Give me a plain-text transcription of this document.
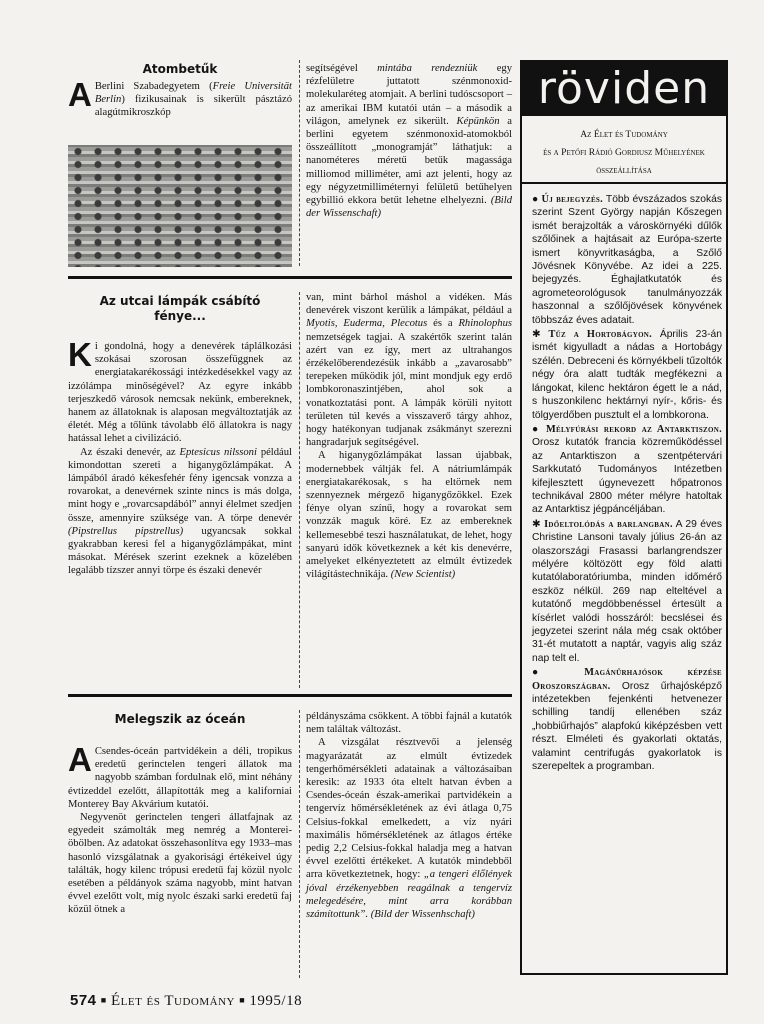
Atombetűk

A Berlini Szabadegyetem (Freie Universität Berlin) fizikusainak is sikerült pásztázó alagútmikroszkóp

segítségével mintába rendezniük egy rézfelületre juttatott szénmonoxid-molekularéteg atomjait. A berlini tudóscsoport – az amerikai IBM kutatói után – a második a világon, amelynek ez sikerült. Képünkön a berlini egyetem szénmonoxid-atomokból összeállított „monogramját” láthatjuk: a nanométeres méretű betűk magassága milliomod milliméter, ami azt jelenti, hogy az egy négyzetmilliméternyi felületű betűhelyen egybillió ekkora betűt lehetne elhelyezni. (Bild der Wissenschaft)

Az utcai lámpák csábító fénye...

Ki gondolná, hogy a denevérek táplálkozási szokásai szorosan összefüggnek az energiatakarékossági intézkedésekkel vagy az izzólámpa minőségével? Az egyre inkább terjeszkedő városok nemcsak nekünk, embereknek, hanem az állatoknak is alaposan megváltoztatják az életét. Még a tőlünk távolabb élő állatokra is nagy hatással lehet a civilizáció.

Az északi denevér, az Eptesicus nilssoni például kimondottan szereti a higanygőzlámpákat. A lámpából áradó kékesfehér fény igencsak vonzza a rovarokat, a denevérnek szinte nincs is más dolga, mint hogy e „rovarcsapdából” annyi élelmet szedjen össze, amennyire szüksége van. A törpe denevér (Pipstrellus pipstrellus) ugyancsak sokkal gyakrabban keresi fel a higanygőzlámpákat, mint másokat. Mérések szerint ezeknek a közelében legalább tízszer annyi törpe és északi denevér

van, mint bárhol máshol a vidéken. Más denevérek viszont kerülik a lámpákat, például a Myotis, Euderma, Plecotus és a Rhinolophus nemzetségek tagjai. A szakértők szerint talán azért van ez így, mert az ultrahangos érzékelőberendezésük inkább a „zavarosabb” terepeken működik jól, mint mondjuk egy erdő lombkoronaszintjében, ahol sok a vonatkoztatási pont. A lámpák körüli nyitott területen túl kevés a visszaverő tárgy ahhoz, hogy hatékonyan tudjanak zsákmányt szerezni hangradarjuk segítségével.

A higanygőzlámpákat lassan újabbak, modernebbek váltják fel. A nátriumlámpák energiatakarékosak, s ha eltörnek nem szennyeznek mérgező higanygőzökkel. Ezek fénye olyan színű, hogy a rovarokat sem vonzzák maguk köré. Ez az embereknek kellemesebbé teszi használatukat, de lehet, hogy sanyarú idők következnek a két kis denevérre, amelyeket elkényeztetett az elmúlt évtizedek világítástechnikája. (New Scientist)

Melegszik az óceán

A Csendes-óceán partvidékein a déli, tropikus eredetű gerinctelen tengeri állatok ma nagyobb számban fordulnak elő, mint néhány évtizeddel ezelőtt, állapították meg a kaliforniai Monterey Bay Akvárium kutatói.

Negyvenöt gerinctelen tengeri állatfajnak az egyedeit számolták meg nemrég a Monterei-öbölben. Az adatokat összehasonlítva egy 1933–mas hasonló vizsgálatnak a gyakorisági értékeivel úgy találták, hogy kilenc trópusi eredetű faj közül nyolc esetében a példányok száma nagyobb, mint hatvan évvel ezelőtt volt, míg nyolc északi sarki eredetű faj közül ötnek a

példányszáma csökkent. A többi fajnál a kutatók nem találtak változást.

A vizsgálat résztvevői a jelenség magyarázatát az elmúlt évtizedek tengerhőmérsékleti adatainak a változásaiban keresik: az 1933 óta eltelt hatvan évben a Csendes-óceán észak-amerikai partvidékein a tengervíz hőmérsékletének az évi átlaga 0,75 Celsius-fokkal emelkedett, a víz nyári maximális hőmérsékletének az átlagos értéke pedig 2,2 Celsius-fokkal haladja meg a hatvan évvel ezelőtti értékeket. A kutatók mindebből arra következtetnek, hogy: „a tengeri élőlények jóval érzékenyebben reagálnak a tengervíz melegedésére, mint arra korábban számítottunk”. (Bild der Wissenhschaft)

röviden
Az Élet és Tudomány
és a Petőfi Rádió Gordiusz Műhelyének
összeállítása

● Új bejegyzés. Több évszázados szokás szerint Szent György napján Kőszegen ismét berajzolták a városkörnyéki dűlők szőlőinek a hajtásait az Európa-szerte ismert könyvritkaságba, a Szőlő Jövésnek Könyvébe. Az idei a 225. bejegyzés. Éghajlatkutatók és agrometeorológusok tanulmányozzák haszonnal a szőlőjövések könyvének többszáz éves adatait.

✱ Tűz a Hortobágyon. Április 23-án ismét kigyulladt a nádas a Hortobágy szélén. Debreceni és környékbeli tűzoltók négy óra alatt tudták megfékezni a lángokat, kilenc hektáron égett le a nád, s huszonkilenc hektárnyi nyír-, kőris- és tölgyerdőben pusztult el a lombkorona.

● Mélyfúrási rekord az Antarktiszon. Orosz kutatók francia közreműködéssel az Antarktiszon a szentpétervári Sarkkutató Tudományos Intézetben kifejlesztett úgynevezett hőpatronos technikával 2800 méter mélyre hatoltak az Antarktisz jégpáncéljában.

✱ Időeltolódás a barlangban. A 29 éves Christine Lansoni tavaly július 26-án az olaszországi Frasassi barlangrendszer mélyére költözött egy föld alatti kutatólaboratóriumba, minden időmérő eszköz nélkül. 269 nap elteltével a kutatónő megdöbbenéssel értesült a kísérlet valódi hosszáról: becslései és jegyzetei szerint nála még csak október 31-ét mutatott a naptár, vagyis alig száz nap telt el.

● Magánűrhajósok képzése Oroszországban. Orosz űrhajósképző intézetekben fejenkénti hetvenezer schilling tandíj ellenében száz „hobbiűrhajós” alapfokú kiképzésben vett részt. Elméleti és gyakorlati oktatás, valamint centrifugás gyakorlatok is szerepeltek a programban.

574 ■ Élet és Tudomány ■ 1995/18
